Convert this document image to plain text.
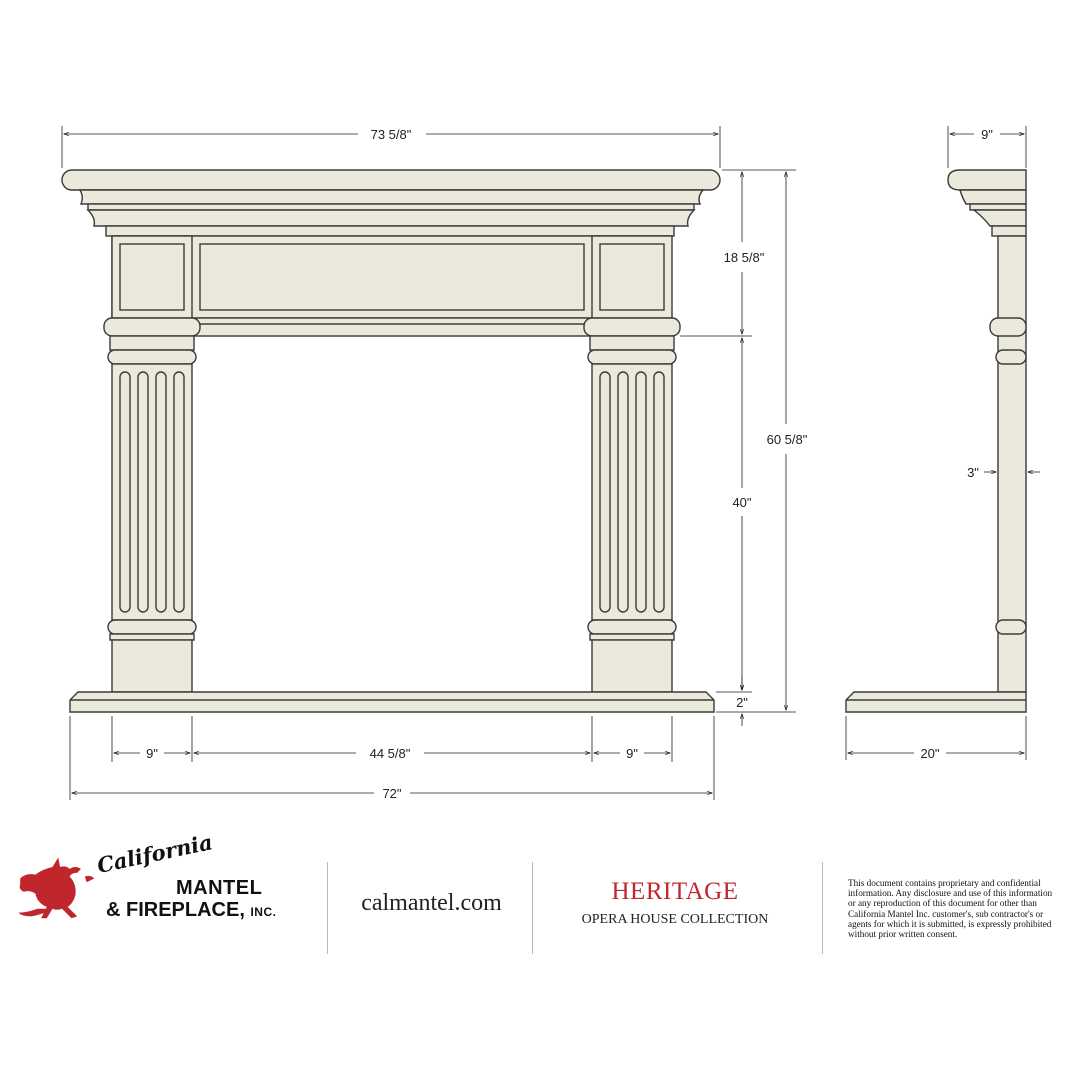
73 5/8"	9"
18 5/8"
60 5/8"
40"
2"
9"	44 5/8"	9"
72"
3"
20"
California
MANTEL
& FIREPLACE, INC.	calmantel.com	HERITAGE
OPERA HOUSE COLLECTION
This document contains proprietary and confidential
information. Any disclosure and use of this information
or any reproduction of this document for other than
California Mantel Inc. customer's, sub contractor's or
agents for which it is submitted, is expressly prohibited
without prior written consent.
